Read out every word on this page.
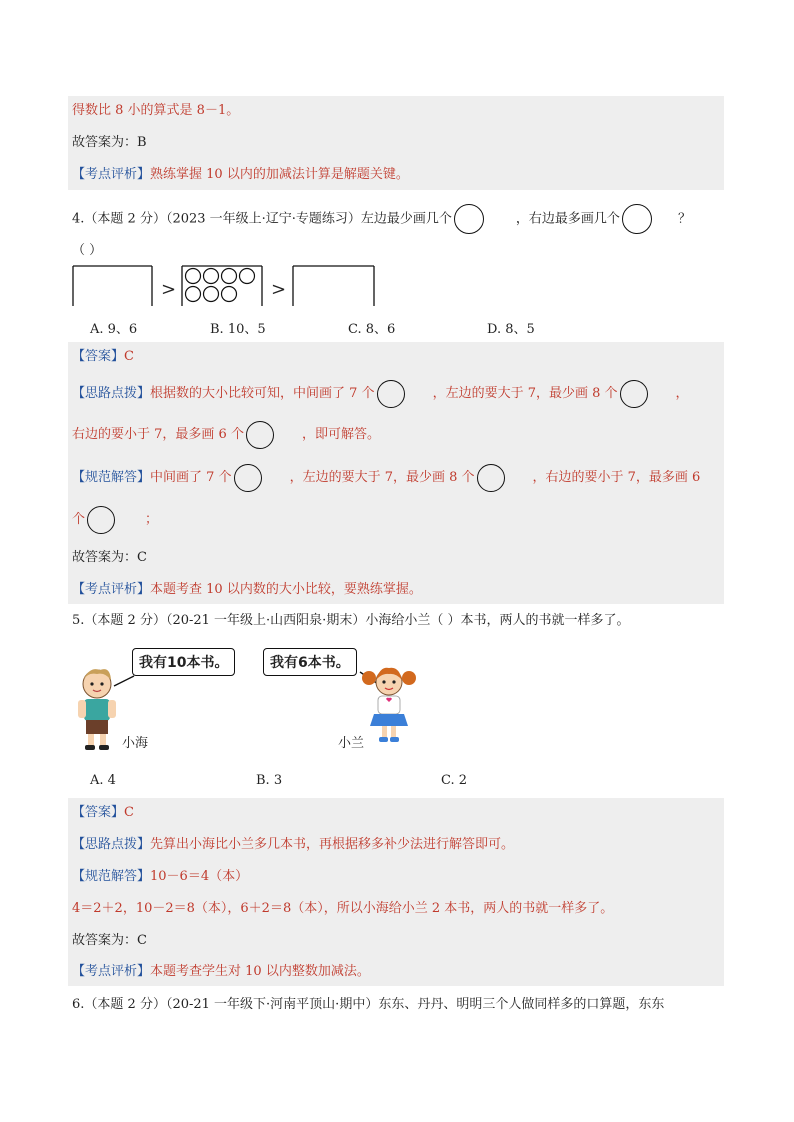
得数比 8 小的算式是 8－1。
故答案为：B
【考点评析】熟练掌握 10 以内的加减法计算是解题关键。
4.（本题 2 分）（2023 一年级上·辽宁·专题练习）左边最少画几个	，右边最多画几个	？
（ ）
>	>
A. 9、6	B. 10、5	C. 8、6	D. 8、5
【答案】C
【思路点拨】根据数的大小比较可知，中间画了 7 个	，左边的要大于 7，最少画 8 个	，
右边的要小于 7，最多画 6 个	，即可解答。
【规范解答】中间画了 7 个	，左边的要大于 7，最少画 8 个	，右边的要小于 7，最多画 6
个	；
故答案为：C
【考点评析】本题考查 10 以内数的大小比较，要熟练掌握。
5.（本题 2 分）（20-21 一年级上·山西阳泉·期末）小海给小兰（ ）本书，两人的书就一样多了。
我有10本书。	我有6本书。
小海	小兰
A. 4	B. 3	C. 2
【答案】C
【思路点拨】先算出小海比小兰多几本书，再根据移多补少法进行解答即可。
【规范解答】10－6＝4（本）
4＝2＋2，10－2＝8（本），6＋2＝8（本），所以小海给小兰 2 本书，两人的书就一样多了。
故答案为：C
【考点评析】本题考查学生对 10 以内整数加减法。
6.（本题 2 分）（20-21 一年级下·河南平顶山·期中）东东、丹丹、明明三个人做同样多的口算题，东东
